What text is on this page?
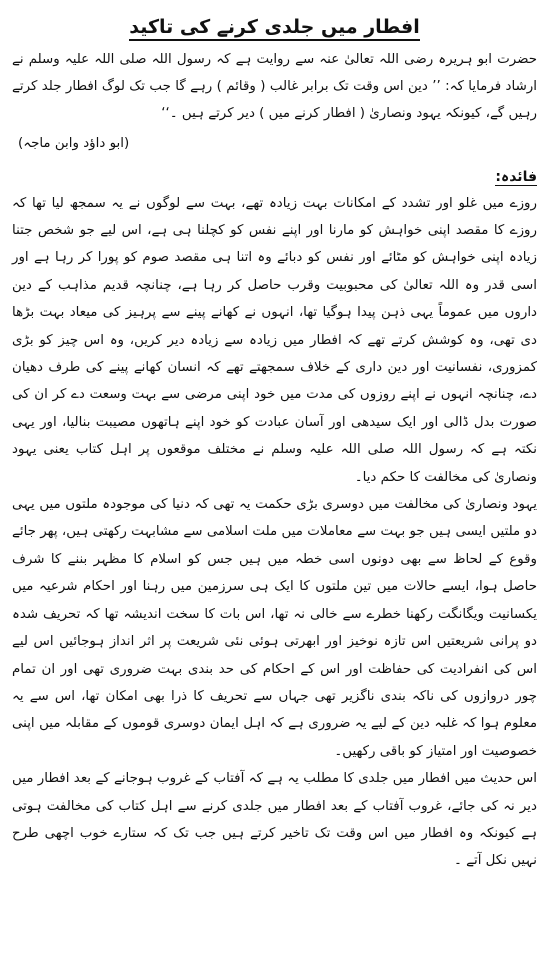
افطار میں جلدی کرنے کی تاکید

حضرت ابو ہریرہ رضی اللہ تعالیٰ عنہ سے روایت ہے کہ رسول اللہ صلی اللہ علیہ وسلم نے ارشاد فرمایا کہ: ’’ دین اس وقت تک برابر غالب ( وقائم ) رہے گا جب تک لوگ افطار جلد کرتے رہیں گے، کیونکہ یہود ونصاریٰ ( افطار کرنے میں ) دیر کرتے ہیں ۔‘‘

(ابو داؤد وابن ماجہ)

فائدہ:

روزے میں غلو اور تشدد کے امکانات بہت زیادہ تھے، بہت سے لوگوں نے یہ سمجھ لیا تھا کہ روزے کا مقصد اپنی خواہش کو مارنا اور اپنے نفس کو کچلنا ہی ہے، اس لیے جو شخص جتنا زیادہ اپنی خواہش کو مٹائے اور نفس کو دبائے وہ اتنا ہی مقصد صوم کو پورا کر رہا ہے اور اسی قدر وہ اللہ تعالیٰ کی محبوبیت وقرب حاصل کر رہا ہے، چنانچہ قدیم مذاہب کے دین داروں میں عموماً یہی ذہن پیدا ہوگیا تھا، انہوں نے کھانے پینے سے پرہیز کی میعاد بہت بڑھا دی تھی، وہ کوشش کرتے تھے کہ افطار میں زیادہ سے زیادہ دیر کریں، وہ اس چیز کو بڑی کمزوری، نفسانیت اور دین داری کے خلاف سمجھتے تھے کہ انسان کھانے پینے کی طرف دھیان دے، چنانچہ انہوں نے اپنے روزوں کی مدت میں خود اپنی مرضی سے بہت وسعت دے کر ان کی صورت بدل ڈالی اور ایک سیدھی اور آسان عبادت کو خود اپنے ہاتھوں مصیبت بنالیا، اور یہی نکتہ ہے کہ رسول اللہ صلی اللہ علیہ وسلم نے مختلف موقعوں پر اہل کتاب یعنی یہود ونصاریٰ کی مخالفت کا حکم دیا۔

یہود ونصاریٰ کی مخالفت میں دوسری بڑی حکمت یہ تھی کہ دنیا کی موجودہ ملتوں میں یہی دو ملتیں ایسی ہیں جو بہت سے معاملات میں ملت اسلامی سے مشابہت رکھتی ہیں، پھر جائے وقوع کے لحاظ سے بھی دونوں اسی خطہ میں ہیں جس کو اسلام کا مظہر بننے کا شرف حاصل ہوا، ایسے حالات میں تین ملتوں کا ایک ہی سرزمین میں رہنا اور احکام شرعیہ میں یکسانیت ویگانگت رکھنا خطرے سے خالی نہ تھا، اس بات کا سخت اندیشہ تھا کہ تحریف شدہ دو پرانی شریعتیں اس تازہ نوخیز اور ابھرتی ہوئی نئی شریعت پر اثر انداز ہوجائیں اس لیے اس کی انفرادیت کی حفاظت اور اس کے احکام کی حد بندی بہت ضروری تھی اور ان تمام چور دروازوں کی ناکہ بندی ناگزیر تھی جہاں سے تحریف کا ذرا بھی امکان تھا، اس سے یہ معلوم ہوا کہ غلبہ دین کے لیے یہ ضروری ہے کہ اہل ایمان دوسری قوموں کے مقابلہ میں اپنی خصوصیت اور امتیاز کو باقی رکھیں۔

اس حدیث میں افطار میں جلدی کا مطلب یہ ہے کہ آفتاب کے غروب ہوجانے کے بعد افطار میں دیر نہ کی جائے، غروب آفتاب کے بعد افطار میں جلدی کرنے سے اہل کتاب کی مخالفت ہوتی ہے کیونکہ وہ افطار میں اس وقت تک تاخیر کرتے ہیں جب تک کہ ستارے خوب اچھی طرح نہیں نکل آتے ۔
